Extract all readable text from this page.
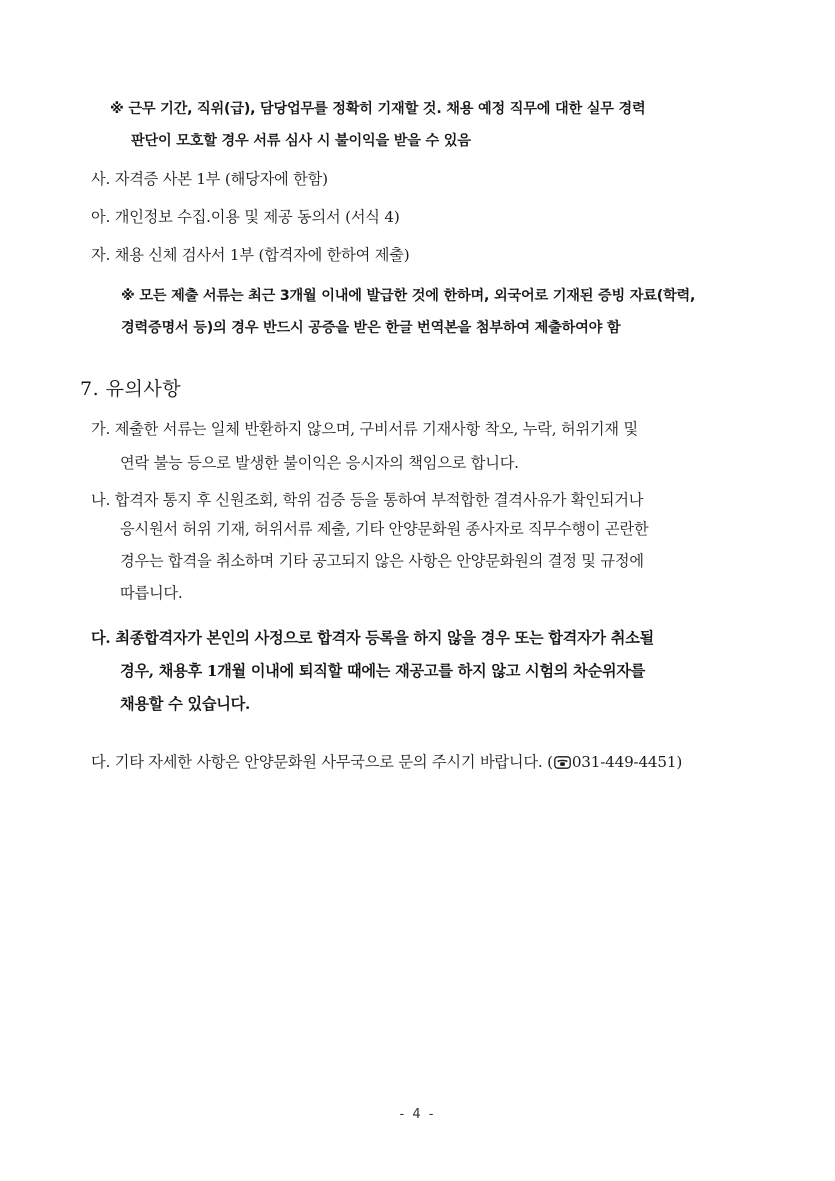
※ 근무 기간, 직위(급), 담당업무를 정확히 기재할 것. 채용 예정 직무에 대한 실무 경력
판단이 모호할 경우 서류 심사 시 불이익을 받을 수 있음
사. 자격증 사본 1부 (해당자에 한함)
아. 개인정보 수집.이용 및 제공 동의서 (서식 4)
자. 채용 신체 검사서 1부 (합격자에 한하여 제출)
※ 모든 제출 서류는 최근 3개월 이내에 발급한 것에 한하며, 외국어로 기재된 증빙 자료(학력,
경력증명서 등)의 경우 반드시 공증을 받은 한글 번역본을 첨부하여 제출하여야 함
7. 유의사항
가. 제출한 서류는 일체 반환하지 않으며, 구비서류 기재사항 착오, 누락, 허위기재 및
연락 불능 등으로 발생한 불이익은 응시자의 책임으로 합니다.
나. 합격자 통지 후 신원조회, 학위 검증 등을 통하여 부적합한 결격사유가 확인되거나
응시원서 허위 기재, 허위서류 제출, 기타 안양문화원 종사자로 직무수행이 곤란한
경우는 합격을 취소하며 기타 공고되지 않은 사항은 안양문화원의 결정 및 규정에
따릅니다.
다. 최종합격자가 본인의 사정으로 합격자 등록을 하지 않을 경우 또는 합격자가 취소될
경우, 채용후 1개월 이내에 퇴직할 때에는 재공고를 하지 않고 시험의 차순위자를
채용할 수 있습니다.
다. 기타 자세한 사항은 안양문화원 사무국으로 문의 주시기 바랍니다. ( 031-449-4451)
- 4 -
